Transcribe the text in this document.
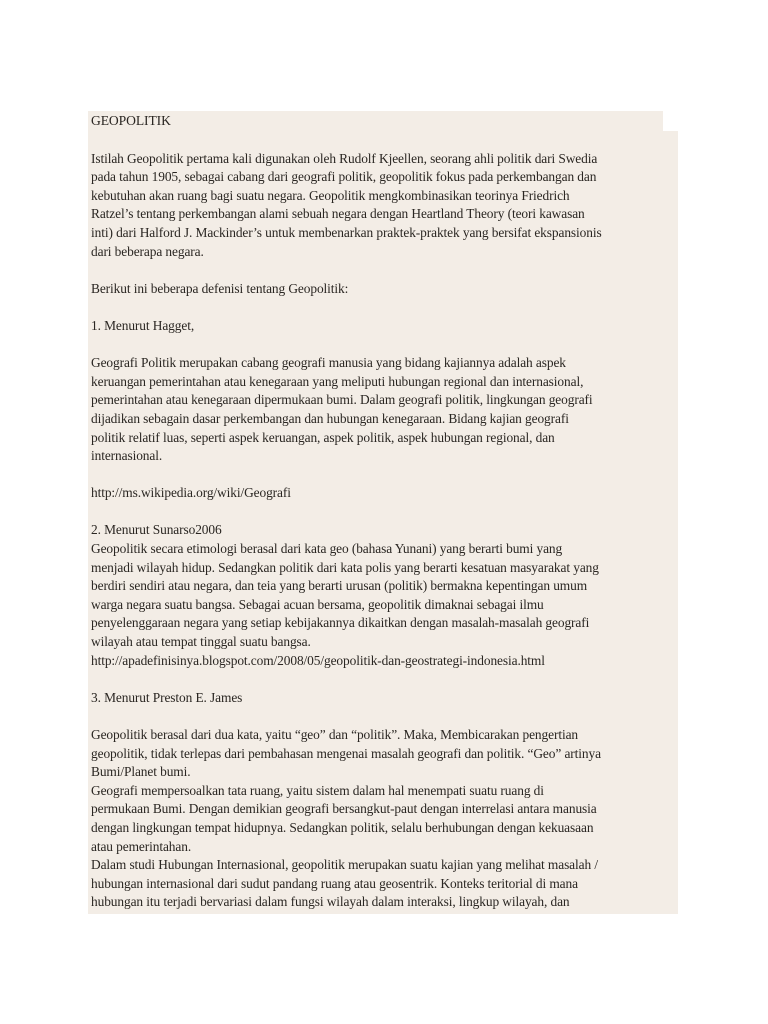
GEOPOLITIK

Istilah Geopolitik pertama kali digunakan oleh Rudolf Kjeellen, seorang ahli politik dari Swedia
pada tahun 1905, sebagai cabang dari geografi politik, geopolitik fokus pada perkembangan dan
kebutuhan akan ruang bagi suatu negara. Geopolitik mengkombinasikan teorinya Friedrich
Ratzel’s tentang perkembangan alami sebuah negara dengan Heartland Theory (teori kawasan
inti) dari Halford J. Mackinder’s untuk membenarkan praktek-praktek yang bersifat ekspansionis
dari beberapa negara.

Berikut ini beberapa defenisi tentang Geopolitik:

1. Menurut Hagget,

Geografi Politik merupakan cabang geografi manusia yang bidang kajiannya adalah aspek
keruangan pemerintahan atau kenegaraan yang meliputi hubungan regional dan internasional,
pemerintahan atau kenegaraan dipermukaan bumi. Dalam geografi politik, lingkungan geografi
dijadikan sebagain dasar perkembangan dan hubungan kenegaraan. Bidang kajian geografi
politik relatif luas, seperti aspek keruangan, aspek politik, aspek hubungan regional, dan
internasional.

http://ms.wikipedia.org/wiki/Geografi

2. Menurut Sunarso2006

Geopolitik secara etimologi berasal dari kata geo (bahasa Yunani) yang berarti bumi yang
menjadi wilayah hidup. Sedangkan politik dari kata polis yang berarti kesatuan masyarakat yang
berdiri sendiri atau negara, dan teia yang berarti urusan (politik) bermakna kepentingan umum
warga negara suatu bangsa. Sebagai acuan bersama, geopolitik dimaknai sebagai ilmu
penyelenggaraan negara yang setiap kebijakannya dikaitkan dengan masalah-masalah geografi
wilayah atau tempat tinggal suatu bangsa.

http://apadefinisinya.blogspot.com/2008/05/geopolitik-dan-geostrategi-indonesia.html

3. Menurut Preston E. James

Geopolitik berasal dari dua kata, yaitu “geo” dan “politik”. Maka, Membicarakan pengertian
geopolitik, tidak terlepas dari pembahasan mengenai masalah geografi dan politik. “Geo” artinya
Bumi/Planet bumi.

Geografi mempersoalkan tata ruang, yaitu sistem dalam hal menempati suatu ruang di
permukaan Bumi. Dengan demikian geografi bersangkut-paut dengan interrelasi antara manusia
dengan lingkungan tempat hidupnya. Sedangkan politik, selalu berhubungan dengan kekuasaan
atau pemerintahan.

Dalam studi Hubungan Internasional, geopolitik merupakan suatu kajian yang melihat masalah /
hubungan internasional dari sudut pandang ruang atau geosentrik. Konteks teritorial di mana
hubungan itu terjadi bervariasi dalam fungsi wilayah dalam interaksi, lingkup wilayah, dan
